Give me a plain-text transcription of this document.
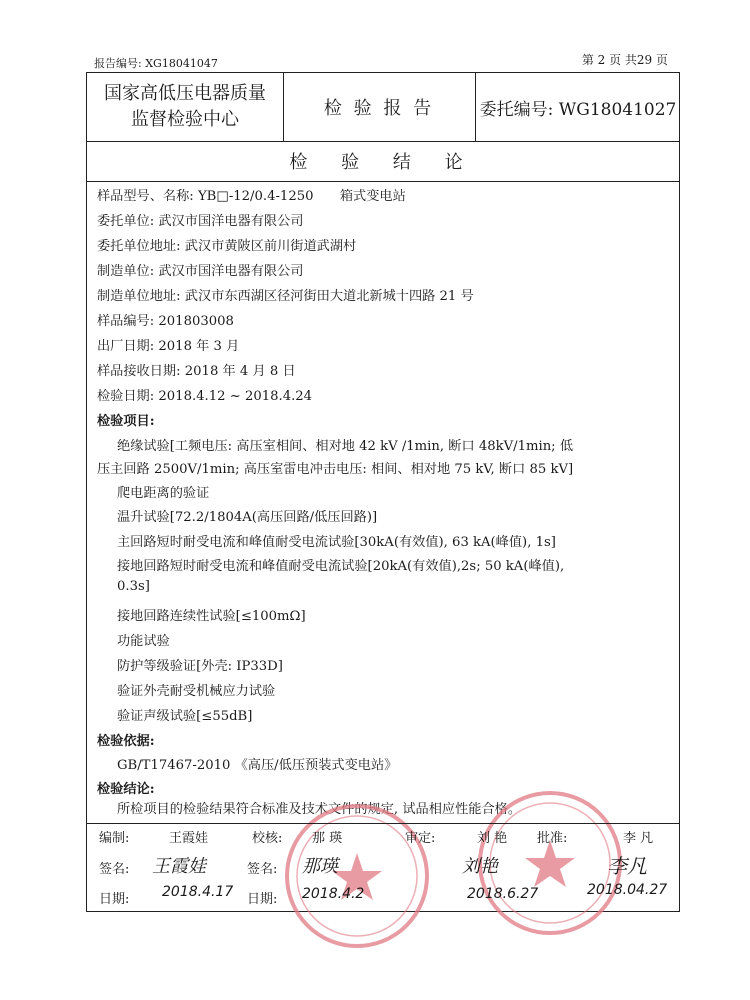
报告编号: XG18041047	第 2 页 共29 页
国家高低压电器质量
监督检验中心
检 验 报 告	委托编号: WG18041027
检 验 结 论
样品型号、名称: YB□-12/0.4-1250　　箱式变电站
委托单位: 武汉市国洋电器有限公司
委托单位地址: 武汉市黄陂区前川街道武湖村
制造单位: 武汉市国洋电器有限公司
制造单位地址: 武汉市东西湖区径河街田大道北新城十四路 21 号
样品编号: 201803008
出厂日期: 2018 年 3 月
样品接收日期: 2018 年 4 月 8 日
检验日期: 2018.4.12 ~ 2018.4.24
检验项目:
绝缘试验[工频电压: 高压室相间、相对地 42 kV /1min, 断口 48kV/1min; 低
压主回路 2500V/1min; 高压室雷电冲击电压: 相间、相对地 75 kV, 断口 85 kV]
爬电距离的验证
温升试验[72.2/1804A(高压回路/低压回路)]
主回路短时耐受电流和峰值耐受电流试验[30kA(有效值), 63 kA(峰值), 1s]
接地回路短时耐受电流和峰值耐受电流试验[20kA(有效值),2s; 50 kA(峰值),
0.3s]
接地回路连续性试验[≤100mΩ]
功能试验
防护等级验证[外壳: IP33D]
验证外壳耐受机械应力试验
验证声级试验[≤55dB]
检验依据:
GB/T17467-2010 《高压/低压预装式变电站》
检验结论:
所检项目的检验结果符合标准及技术文件的规定, 试品相应性能合格。
编制:	王霞娃	校核: 那 瑛	审定:	刘 艳 批准:	李 凡
签名: 王霞娃	签名: 那瑛	刘艳	李凡
日期: 2018.4.17 日期: 2018.4.2	2018.6.27	2018.04.27
